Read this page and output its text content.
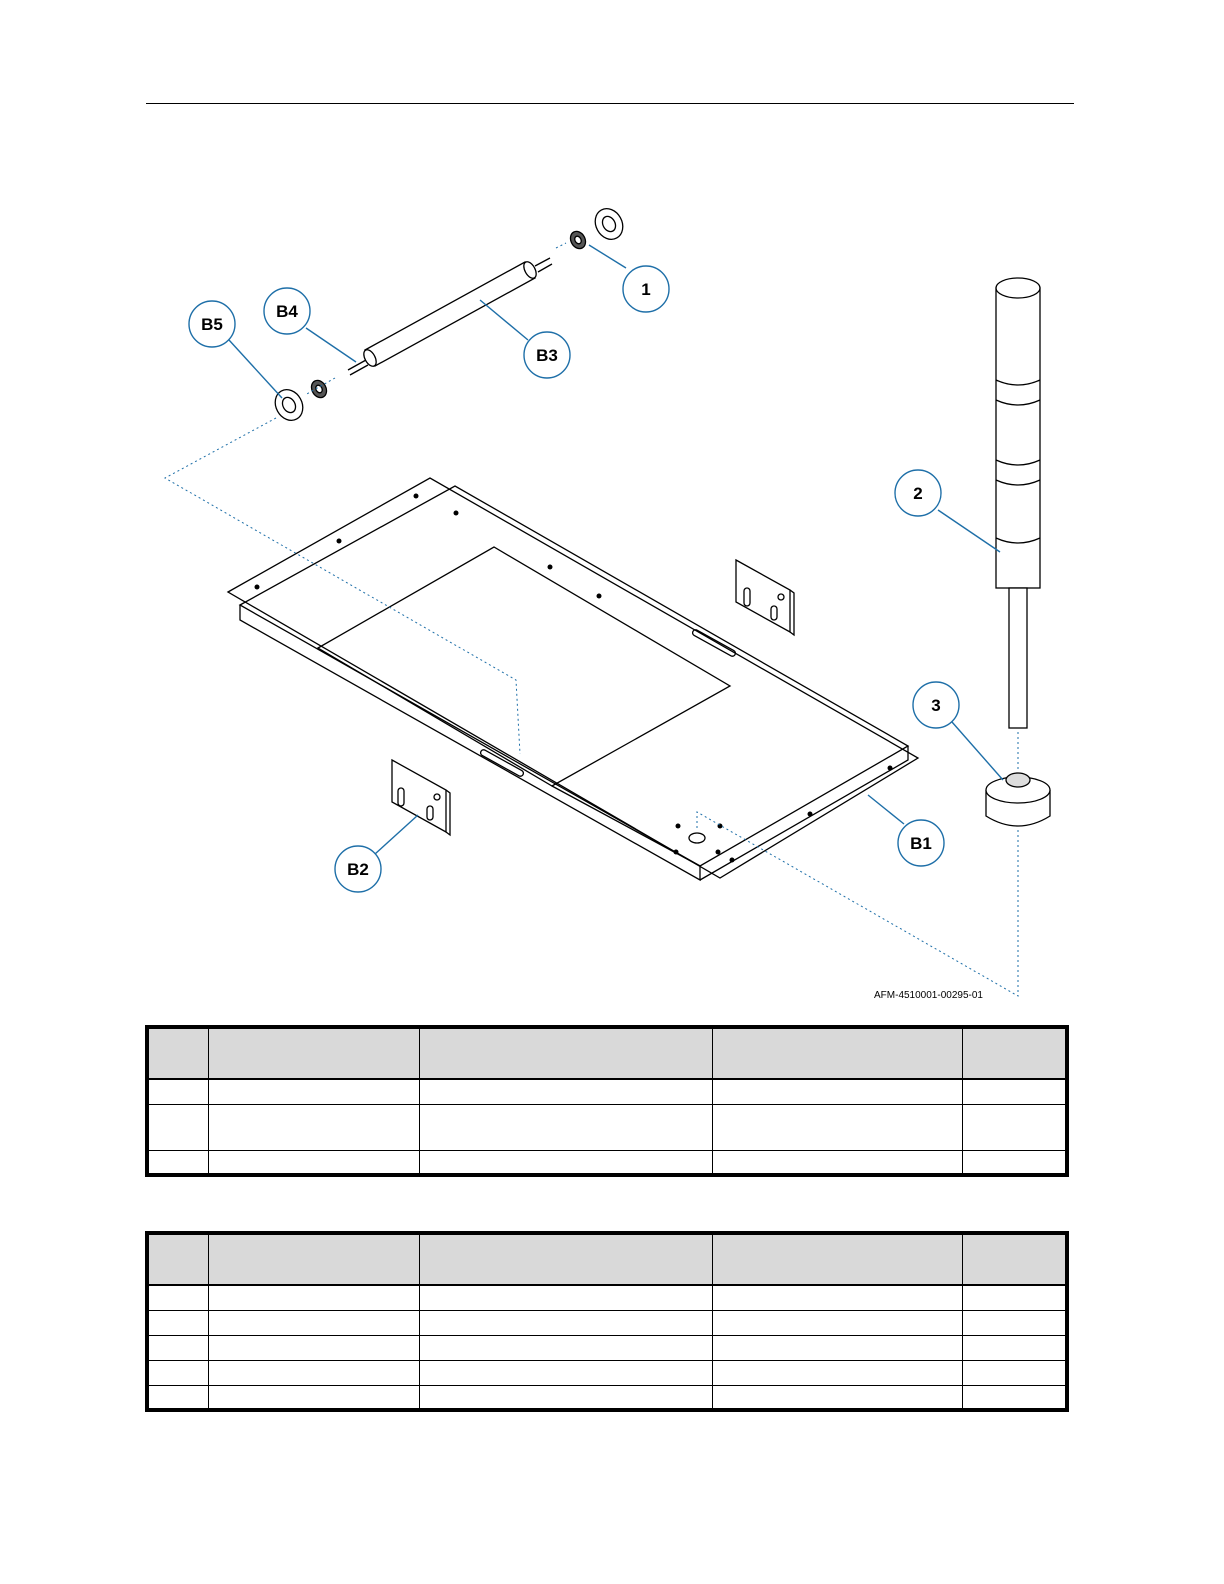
1
2
3
B1
B2
B3
B4
B5
AFM-4510001-00295-01
